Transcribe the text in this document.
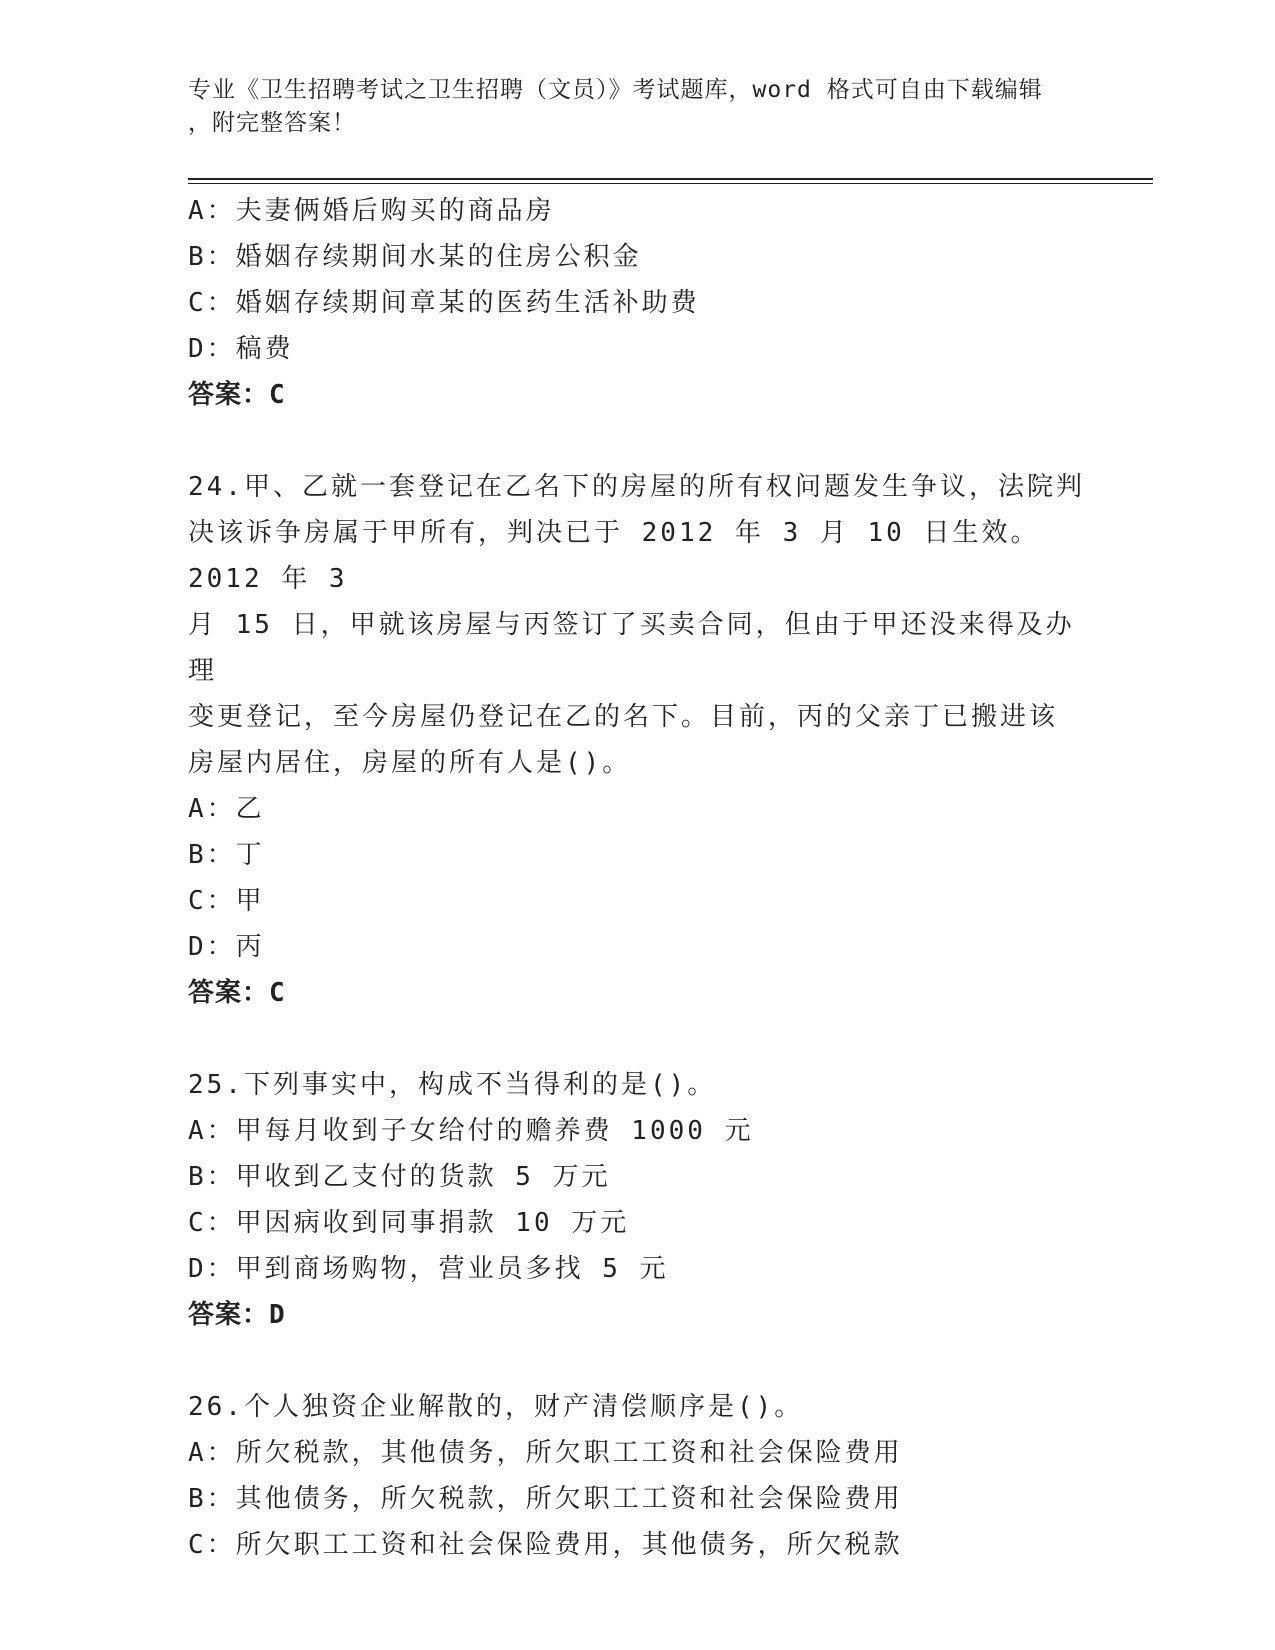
专业《卫生招聘考试之卫生招聘（文员）》考试题库，word 格式可自由下载编辑
，附完整答案！
A：夫妻俩婚后购买的商品房
B：婚姻存续期间水某的住房公积金
C：婚姻存续期间章某的医药生活补助费
D：稿费
答案：C
24.甲、乙就一套登记在乙名下的房屋的所有权问题发生争议，法院判
决该诉争房属于甲所有，判决已于 2012 年 3 月 10 日生效。2012 年 3
月 15 日，甲就该房屋与丙签订了买卖合同，但由于甲还没来得及办理
变更登记，至今房屋仍登记在乙的名下。目前，丙的父亲丁已搬进该
房屋内居住，房屋的所有人是()。
A：乙
B：丁
C：甲
D：丙
答案：C
25.下列事实中，构成不当得利的是()。
A：甲每月收到子女给付的赡养费 1000 元
B：甲收到乙支付的货款 5 万元
C：甲因病收到同事捐款 10 万元
D：甲到商场购物，营业员多找 5 元
答案：D
26.个人独资企业解散的，财产清偿顺序是()。
A：所欠税款，其他债务，所欠职工工资和社会保险费用
B：其他债务，所欠税款，所欠职工工资和社会保险费用
C：所欠职工工资和社会保险费用，其他债务，所欠税款
